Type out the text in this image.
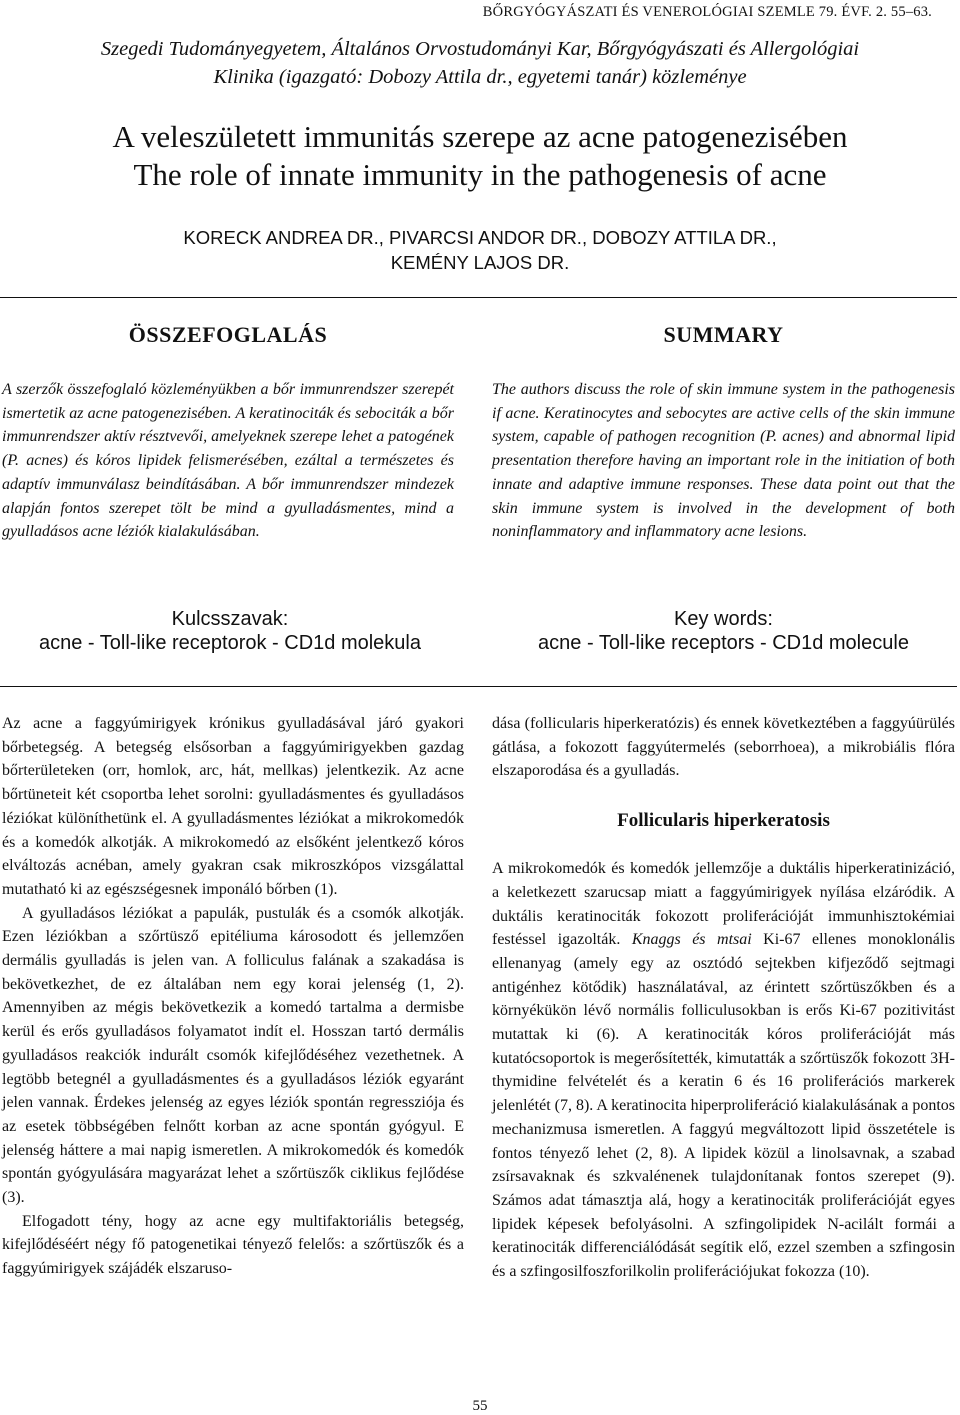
BŐRGYÓGYÁSZATI ÉS VENEROLÓGIAI SZEMLE 79. ÉVF. 2. 55–63.
Szegedi Tudományegyetem, Általános Orvostudományi Kar, Bőrgyógyászati és Allergológiai
Klinika (igazgató: Dobozy Attila dr., egyetemi tanár) közleménye
A veleszületett immunitás szerepe az acne patogenezisében
The role of innate immunity in the pathogenesis of acne
KORECK ANDREA DR., PIVARCSI ANDOR DR., DOBOZY ATTILA DR.,
KEMÉNY LAJOS DR.
ÖSSZEFOGLALÁS

A szerzők összefoglaló közleményükben a bőr immunrendszer szerepét ismertetik az acne patogenezisében. A keratinociták és sebociták a bőr immunrendszer aktív résztvevői, amelyeknek szerepe lehet a patogének (P. acnes) és kóros lipidek felismerésében, ezáltal a természetes és adaptív immunválasz beindításában. A bőr immunrendszer mindezek alapján fontos szerepet tölt be mind a gyulladásmentes, mind a gyulladásos acne léziók kialakulásában.

SUMMARY

The authors discuss the role of skin immune system in the pathogenesis if acne. Keratinocytes and sebocytes are active cells of the skin immune system, capable of pathogen recognition (P. acnes) and abnormal lipid presentation therefore having an important role in the initiation of both innate and adaptive immune responses. These data point out that the skin immune system is involved in the development of both noninflammatory and inflammatory acne lesions.

Kulcsszavak:
acne - Toll-like receptorok - CD1d molekula
Key words:
acne - Toll-like receptors - CD1d molecule

Az acne a faggyúmirigyek krónikus gyulladásával járó gyakori bőrbetegség. A betegség elsősorban a faggyúmirigyekben gazdag bőrterületeken (orr, homlok, arc, hát, mellkas) jelentkezik. Az acne bőrtüneteit két csoportba lehet sorolni: gyulladásmentes és gyulladásos léziókat különíthetünk el. A gyulladásmentes léziókat a mikrokomedók és a komedók alkotják. A mikrokomedó az elsőként jelentkező kóros elváltozás acnéban, amely gyakran csak mikroszkópos vizsgálattal mutatható ki az egészségesnek imponáló bőrben (1).

A gyulladásos léziókat a papulák, pustulák és a csomók alkotják. Ezen léziókban a szőrtüsző epitéliuma károsodott és jellemzően dermális gyulladás is jelen van. A folliculus falának a szakadása is bekövetkezhet, de ez általában nem egy korai jelenség (1, 2). Amennyiben az mégis bekövetkezik a komedó tartalma a dermisbe kerül és erős gyulladásos folyamatot indít el. Hosszan tartó dermális gyulladásos reakciók indurált csomók kifejlődéséhez vezethetnek. A legtöbb betegnél a gyulladásmentes és a gyulladásos léziók egyaránt jelen vannak. Érdekes jelenség az egyes léziók spontán regressziója és az esetek többségében felnőtt korban az acne spontán gyógyul. E jelenség háttere a mai napig ismeretlen. A mikrokomedók és komedók spontán gyógyulására magyarázat lehet a szőrtüszők ciklikus fejlődése (3).

Elfogadott tény, hogy az acne egy multifaktoriális betegség, kifejlődéséért négy fő patogenetikai tényező felelős: a szőrtüszők és a faggyúmirigyek szájádék elszaruso-

dása (follicularis hiperkeratózis) és ennek következtében a faggyúürülés gátlása, a fokozott faggyútermelés (seborrhoea), a mikrobiális flóra elszaporodása és a gyulladás.

Follicularis hiperkeratosis

A mikrokomedók és komedók jellemzője a duktális hiperkeratinizáció, a keletkezett szarucsap miatt a faggyúmirigyek nyílása elzáródik. A duktális keratinociták fokozott proliferációját immunhisztokémiai festéssel igazolták. Knaggs és mtsai Ki-67 ellenes monoklonális ellenanyag (amely egy az osztódó sejtekben kifjeződő sejtmagi antigénhez kötődik) használatával, az érintett szőrtüszőkben és a környékükön lévő normális folliculusokban is erős Ki-67 pozitivitást mutattak ki (6). A keratinociták kóros proliferációját más kutatócsoportok is megerősítették, kimutatták a szőrtüszők fokozott 3H-thymidine felvételét és a keratin 6 és 16 proliferációs markerek jelenlétét (7, 8). A keratinocita hiperproliferáció kialakulásának a pontos mechanizmusa ismeretlen. A faggyú megváltozott lipid összetétele is fontos tényező lehet (2, 8). A lipidek közül a linolsavnak, a szabad zsírsavaknak és szkvalénenek tulajdonítanak fontos szerepet (9). Számos adat támasztja alá, hogy a keratinociták proliferációját egyes lipidek képesek befolyásolni. A szfingolipidek N-acilált formái a keratinociták differenciálódását segítik elő, ezzel szemben a szfingosin és a szfingosilfoszforilkolin proliferációjukat fokozza (10).

55
